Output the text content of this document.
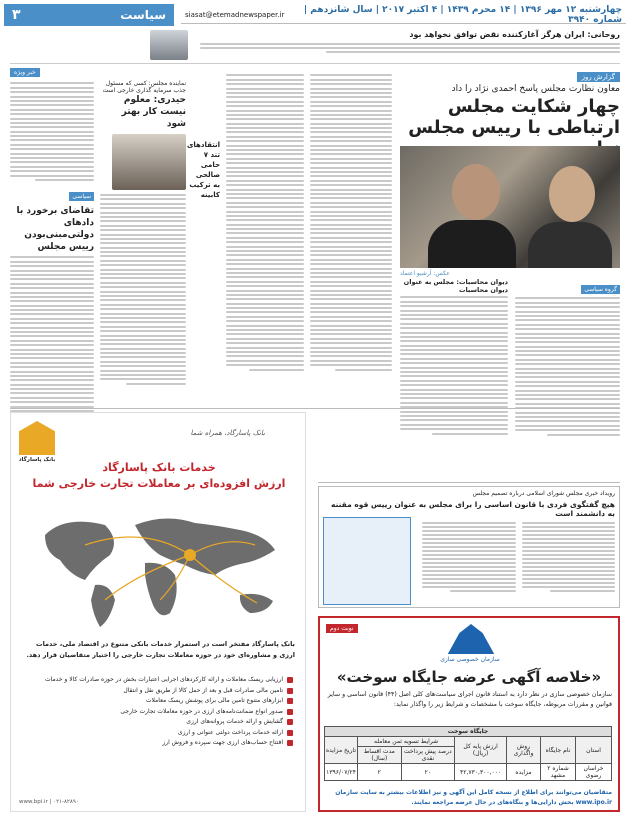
سیاست
۳	چهارشنبه ۱۲ مهر ۱۳۹۶ | ۱۴ محرم ۱۴۳۹ | ۴ اکتبر ۲۰۱۷ | سال شانزدهم | شماره ۳۹۴۰
siasat@etemadnewspaper.ir
روحانی: ایران هرگز آغازکننده نقض توافق نخواهد بود
گزارش روز
معاون نظارت مجلس پاسخ احمدی نژاد را داد
چهار شکایت مجلس ارتباطی با رییس مجلس
عکس: آرشیو اعتماد
گروه سیاسی
دیوان محاسبات: مجلس به عنوان دیوان محاسبات
انتقادهای تند ۷ حامی صالحی به ترکیب کابینه
خبر ویژه
نماینده مجلس: کسی که مسئول جذب سرمایه گذاری خارجی است
حیدری: معلوم نیست کار بهتر شود
سیاسی
تقاضای برخورد با دادهای دولتی‌مبنی‌بودن رییس مجلس
رویداد خبری مجلس شورای اسلامی درباره تصمیم مجلس
هیچ گفتگوی فردی با قانون اساسی را برای مجلس به عنوان رییس قوه مقننه به دانشمند است
بانک پاسارگاد
بانک پاسارگاد، همراه شما
خدمات بانک پاسارگاد
ارزش افزوده‌ای بر معاملات تجارت خارجی شما
بانک پاسارگاد مفتخر است در استمرار خدمات بانکی متنوع در اقتصاد ملی، خدمات ارزی و مشاوره‌ای خود در حوزه معاملات تجارت خارجی را اختیار متقاضیان قرار دهد.
ارزیابی ریسک معاملات و ارائه کارکردهای اجرایی اعتبارات بخش در حوزه صادرات کالا و خدمات
تامین مالی صادرات قبل و بعد از حمل کالا از طریق نقل و انتقال
ابزارهای متنوع تامین مالی برای پوشش ریسک معاملات
صدور انواع ضمانت‌نامه‌های ارزی در حوزه معاملات تجارت خارجی
گشایش و ارائه خدمات پروانه‌های ارزی
ارائه خدمات پرداخت دولتی عنوانی و ارزی
افتتاح حساب‌های ارزی جهت سپرده و فروش ارز
www.bpi.ir | ۰۲۱-۸۲۸۹۰
نوبت دوم
سازمان خصوصی سازی
«خلاصه آگهی عرضه جایگاه سوخت»
سازمان خصوصی سازی در نظر دارد به استناد قانون اجرای سیاست‌های کلی اصل (۴۴) قانون اساسی و سایر قوانین و مقررات مربوطه، جایگاه سوخت با مشخصات و شرایط زیر را واگذار نماید:
جایگاه سوخت						
استان	نام جایگاه	روش واگذاری	ارزش پایه کل (ریال)	شرایط تسویه ثمن معامله		تاریخ مزایده
				درصد پیش پرداخت نقدی	مدت اقساط (سال)	
خراسان رضوی	شماره ۲ مشهد	مزایده	۴۲,۷۳۰,۳۰۰,۰۰۰	۲۰	۲	۱۳۹۶/۰۷/۲۴
متقاضیان می‌توانند برای اطلاع از نسخه کامل این آگهی و نیز اطلاعات بیشتر به سایت سازمان www.ipo.ir بخش دارایی‌ها و بنگاه‌های در حال عرضه مراجعه نمایند.
